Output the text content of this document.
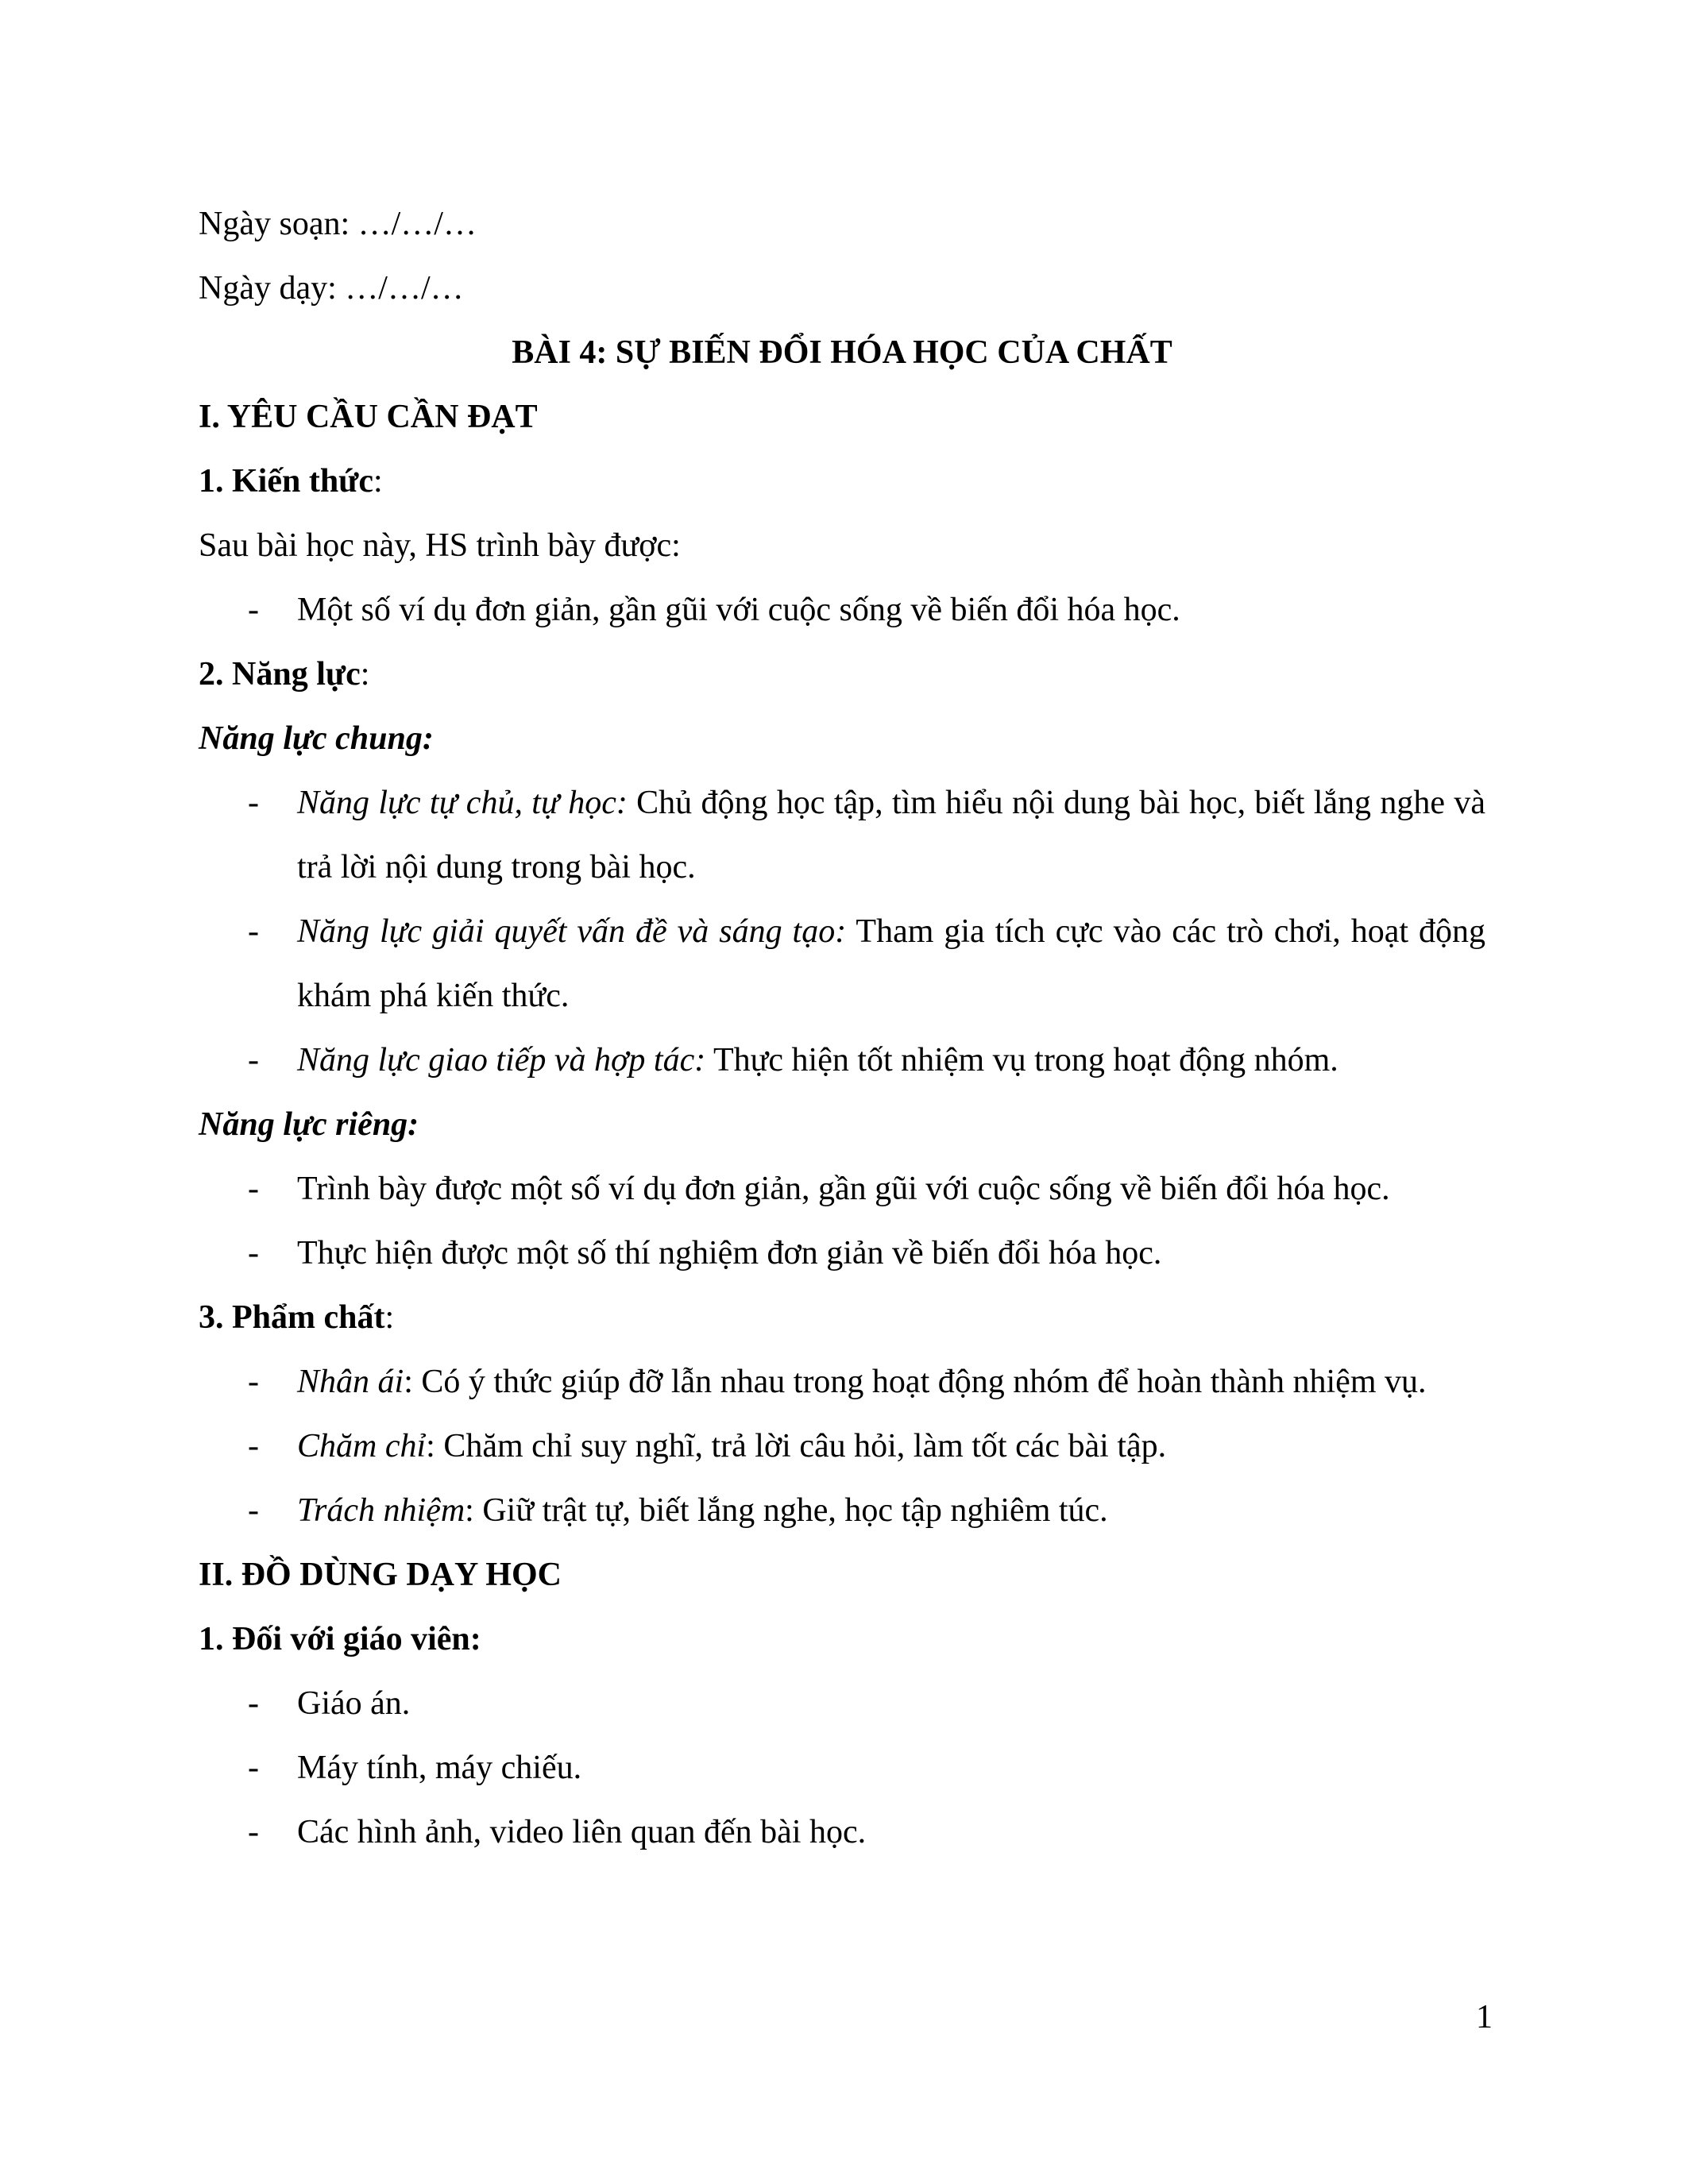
Ngày soạn: …/…/…

Ngày dạy: …/…/…

BÀI 4: SỰ BIẾN ĐỔI HÓA HỌC CỦA CHẤT

I. YÊU CẦU CẦN ĐẠT

1. Kiến thức:

Sau bài học này, HS trình bày được:

- Một số ví dụ đơn giản, gần gũi với cuộc sống về biến đổi hóa học.

2. Năng lực:

Năng lực chung:

- Năng lực tự chủ, tự học: Chủ động học tập, tìm hiểu nội dung bài học, biết lắng nghe và trả lời nội dung trong bài học.

- Năng lực giải quyết vấn đề và sáng tạo: Tham gia tích cực vào các trò chơi, hoạt động khám phá kiến thức.

- Năng lực giao tiếp và hợp tác: Thực hiện tốt nhiệm vụ trong hoạt động nhóm.

Năng lực riêng:

- Trình bày được một số ví dụ đơn giản, gần gũi với cuộc sống về biến đổi hóa học.

- Thực hiện được một số thí nghiệm đơn giản về biến đổi hóa học.

3. Phẩm chất:

- Nhân ái: Có ý thức giúp đỡ lẫn nhau trong hoạt động nhóm để hoàn thành nhiệm vụ.

- Chăm chỉ: Chăm chỉ suy nghĩ, trả lời câu hỏi, làm tốt các bài tập.

- Trách nhiệm: Giữ trật tự, biết lắng nghe, học tập nghiêm túc.

II. ĐỒ DÙNG DẠY HỌC

1. Đối với giáo viên:

- Giáo án.

- Máy tính, máy chiếu.

- Các hình ảnh, video liên quan đến bài học.

1
